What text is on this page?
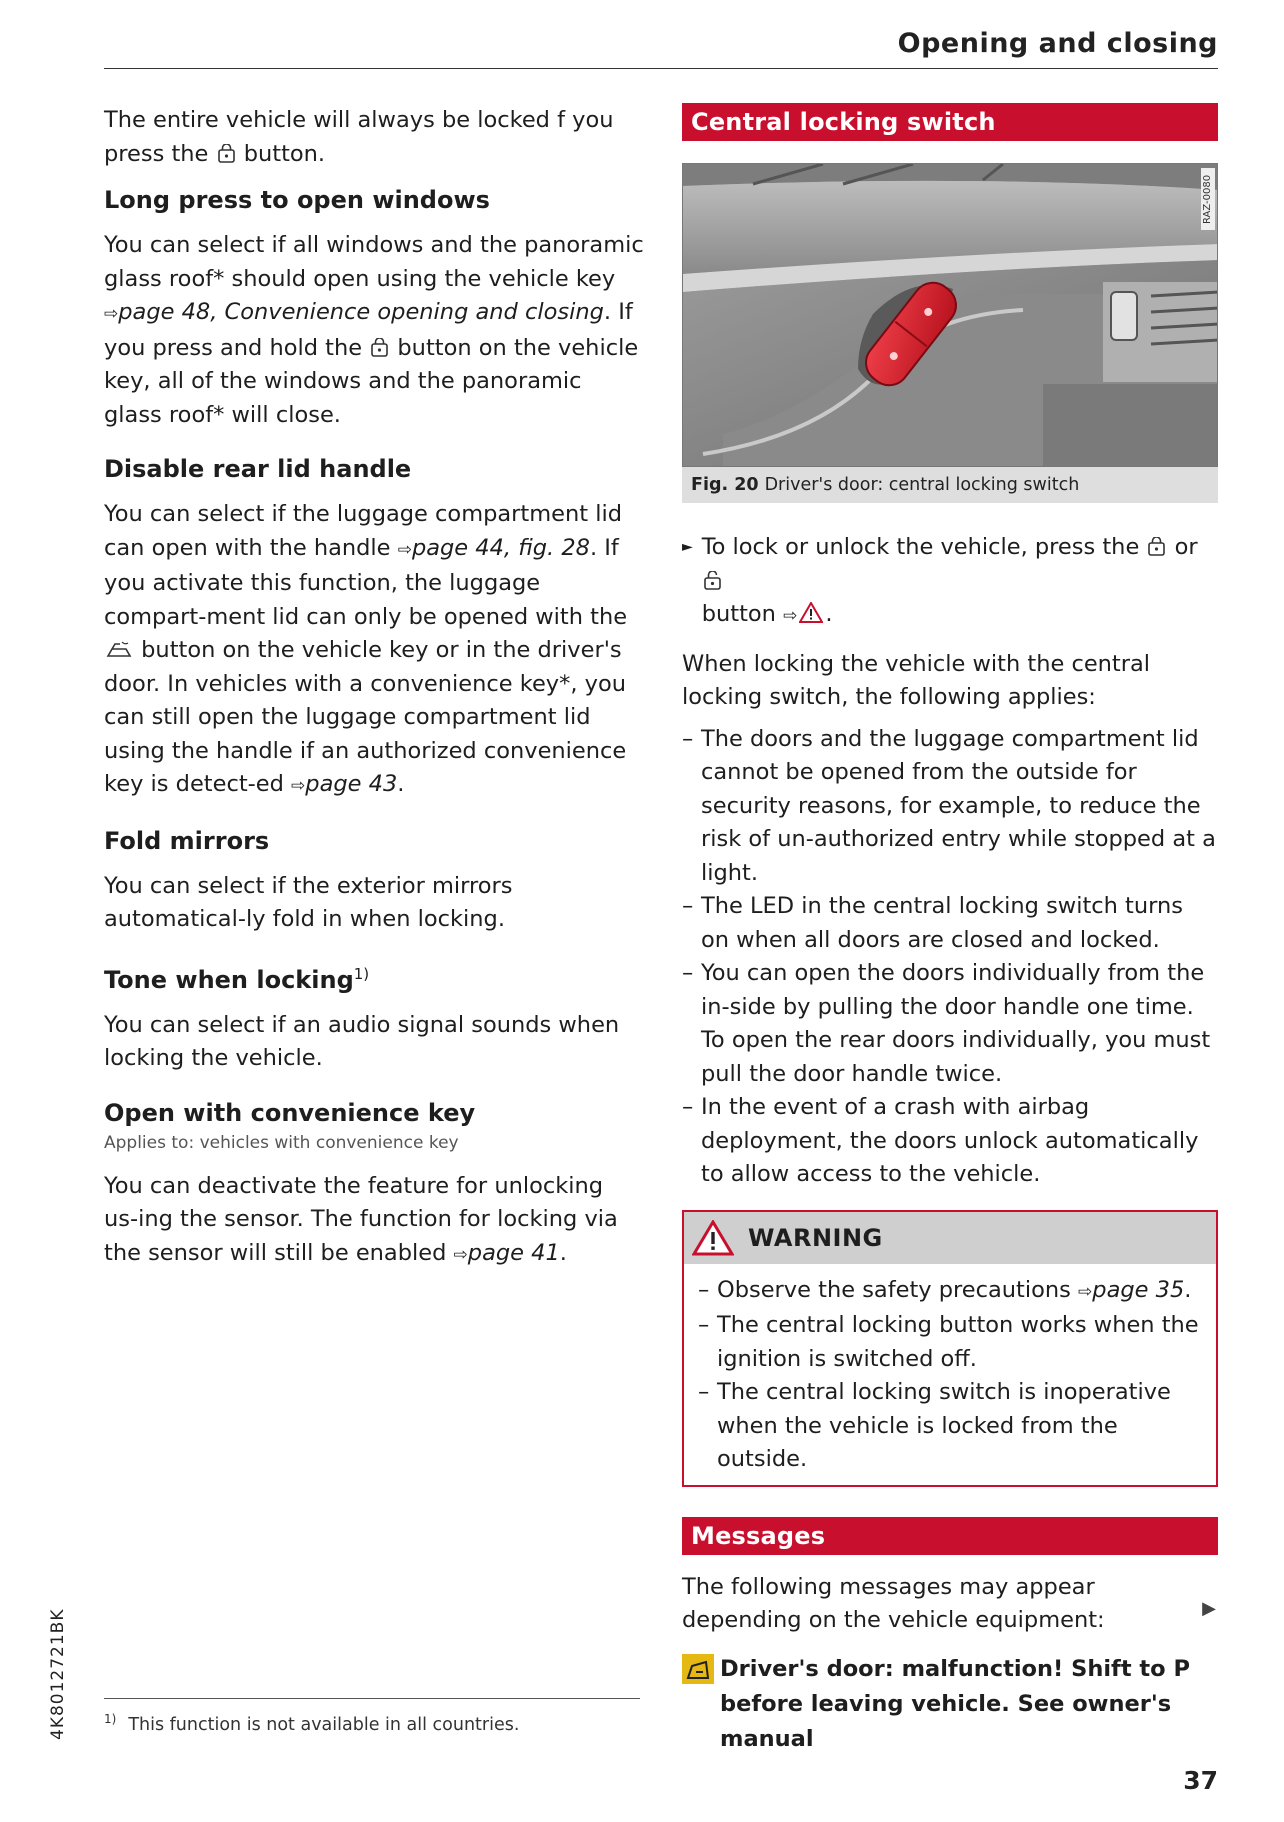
Opening and closing

The entire vehicle will always be locked f you press the  button.

Long press to open windows

You can select if all windows and the panoramic glass roof* should open using the vehicle key ⇨page 48, Convenience opening and closing. If you press and hold the  button on the vehicle key, all of the windows and the panoramic glass roof* will close.

Disable rear lid handle

You can select if the luggage compartment lid can open with the handle ⇨page 44, fig. 28. If you activate this function, the luggage compart-ment lid can only be opened with the  button on the vehicle key or in the driver's door. In vehicles with a convenience key*, you can still open the luggage compartment lid using the handle if an authorized convenience key is detect-ed ⇨page 43.

Fold mirrors

You can select if the exterior mirrors automatical-ly fold in when locking.

Tone when locking$^{1)}$

You can select if an audio signal sounds when locking the vehicle.

Open with convenience key
Applies to: vehicles with convenience key

You can deactivate the feature for unlocking us-ing the sensor. The function for locking via the sensor will still be enabled ⇨page 41.

Central locking switch
RAZ-0080
Fig. 20 Driver's door: central locking switch
► To lock or unlock the vehicle, press the  or
button ⇨ .

When locking the vehicle with the central locking switch, the following applies:

– The doors and the luggage compartment lid cannot be opened from the outside for security reasons, for example, to reduce the risk of un-authorized entry while stopped at a light.
– The LED in the central locking switch turns on when all doors are closed and locked.
– You can open the doors individually from the in-side by pulling the door handle one time. To open the rear doors individually, you must pull the door handle twice.
– In the event of a crash with airbag deployment, the doors unlock automatically to allow access to the vehicle.
WARNING
– Observe the safety precautions ⇨page 35.
– The central locking button works when the ignition is switched off.
– The central locking switch is inoperative when the vehicle is locked from the outside.
Messages

The following messages may appear depending on the vehicle equipment:

Driver's door: malfunction! Shift to P before leaving vehicle. See owner's manual
▶
$^{1)}$ This function is not available in all countries.
4K8012721BK
37
